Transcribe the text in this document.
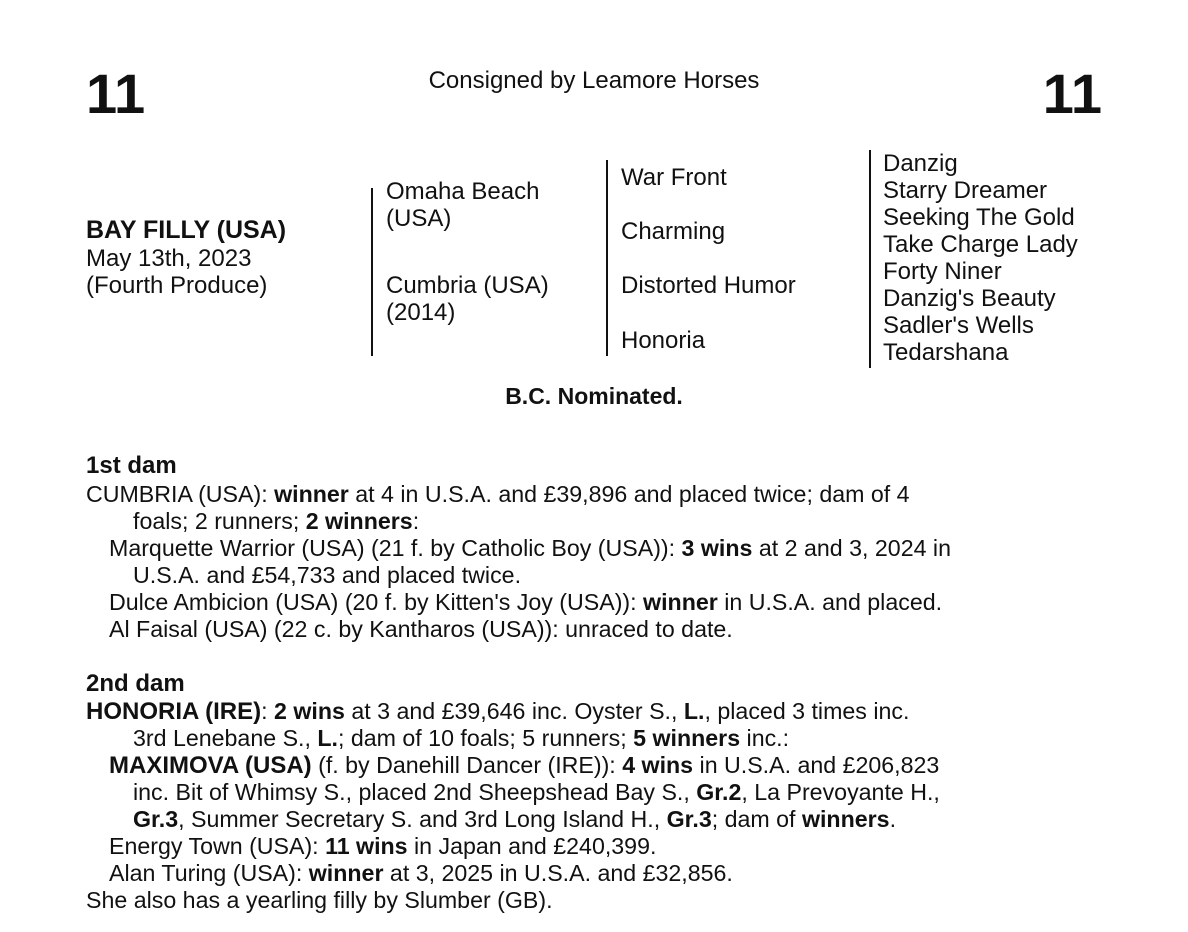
11	Consigned by Leamore Horses	11
BAY FILLY (USA)
May 13th, 2023
(Fourth Produce)
Omaha Beach
(USA)
Cumbria (USA)
(2014)
War Front
Charming
Distorted Humor
Honoria
Danzig
Starry Dreamer
Seeking The Gold
Take Charge Lady
Forty Niner
Danzig's Beauty
Sadler's Wells
Tedarshana
B.C. Nominated.
1st dam
CUMBRIA (USA): winner at 4 in U.S.A. and £39,896 and placed twice; dam of 4
foals; 2 runners; 2 winners:
Marquette Warrior (USA) (21 f. by Catholic Boy (USA)): 3 wins at 2 and 3, 2024 in
U.S.A. and £54,733 and placed twice.
Dulce Ambicion (USA) (20 f. by Kitten's Joy (USA)): winner in U.S.A. and placed.
Al Faisal (USA) (22 c. by Kantharos (USA)): unraced to date.
2nd dam
HONORIA (IRE): 2 wins at 3 and £39,646 inc. Oyster S., L., placed 3 times inc.
3rd Lenebane S., L.; dam of 10 foals; 5 runners; 5 winners inc.:
MAXIMOVA (USA) (f. by Danehill Dancer (IRE)): 4 wins in U.S.A. and £206,823
inc. Bit of Whimsy S., placed 2nd Sheepshead Bay S., Gr.2, La Prevoyante H.,
Gr.3, Summer Secretary S. and 3rd Long Island H., Gr.3; dam of winners.
Energy Town (USA): 11 wins in Japan and £240,399.
Alan Turing (USA): winner at 3, 2025 in U.S.A. and £32,856.
She also has a yearling filly by Slumber (GB).
